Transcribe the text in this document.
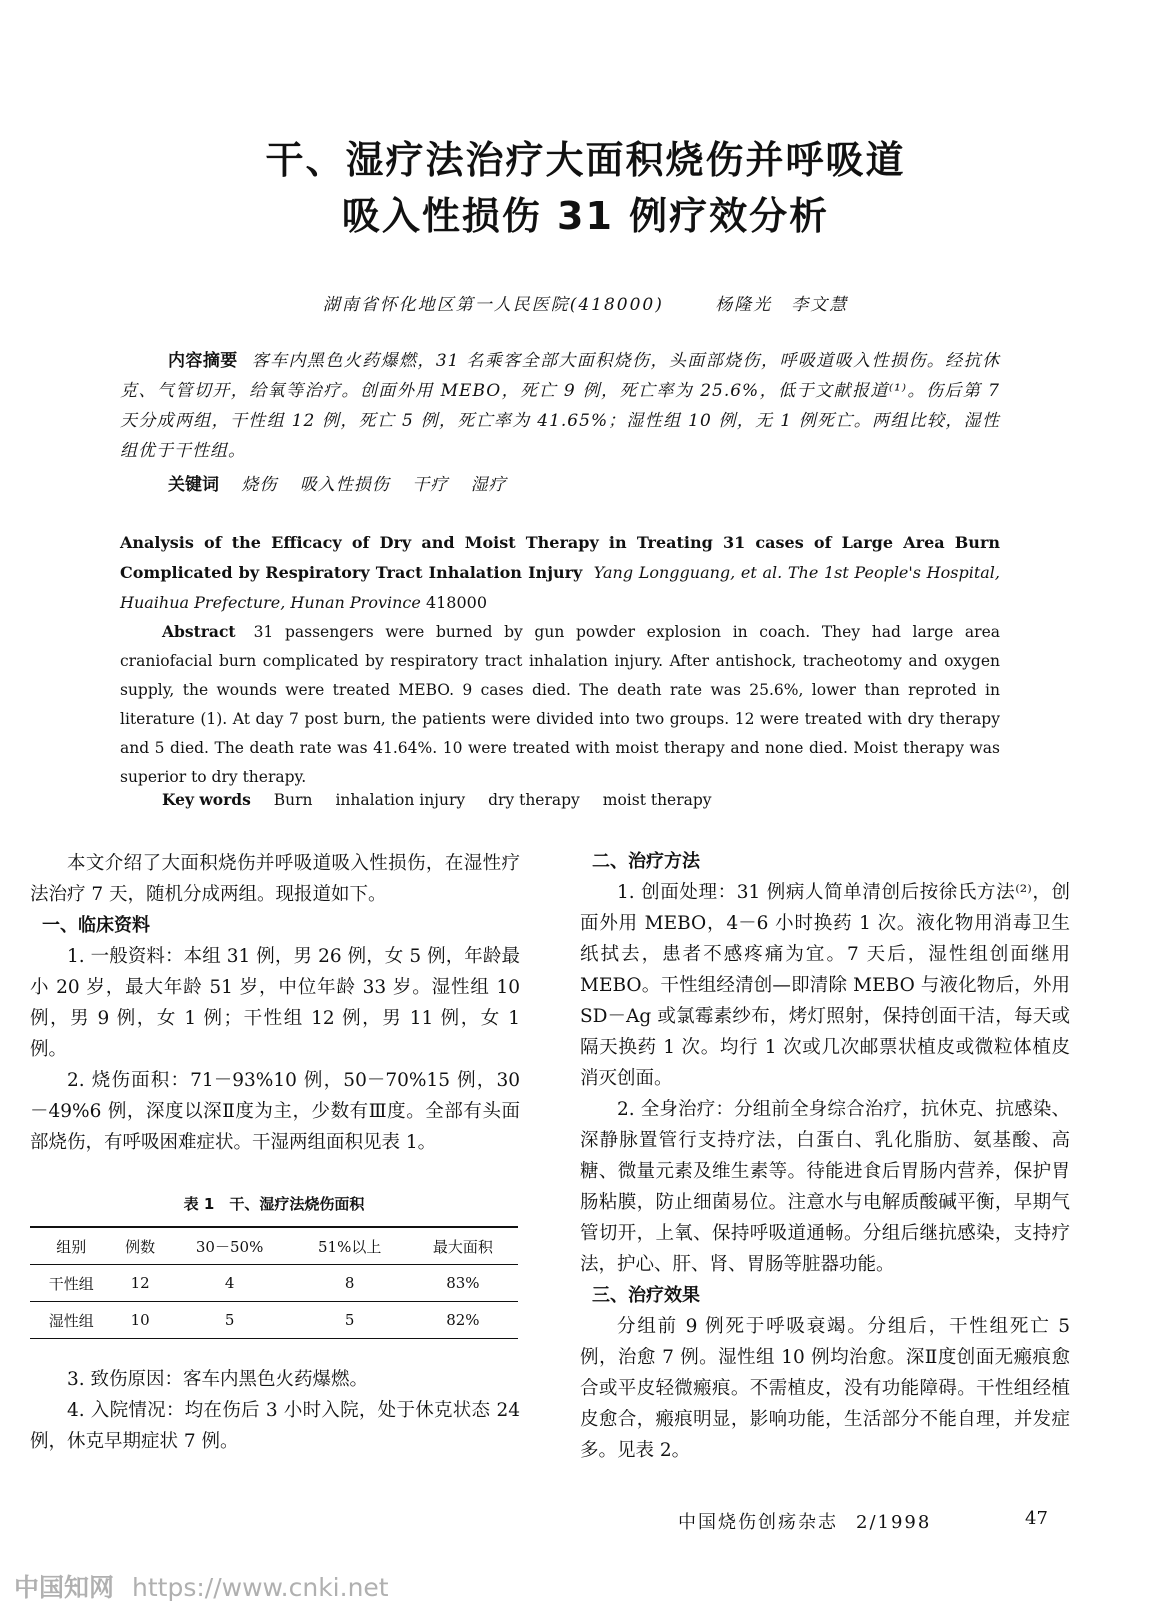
干、湿疗法治疗大面积烧伤并呼吸道
吸入性损伤 31 例疗效分析
湖南省怀化地区第一人民医院(418000)	杨隆光　李文慧
内容摘要 客车内黑色火药爆燃，31 名乘客全部大面积烧伤，头面部烧伤，呼吸道吸入性损伤。经抗休克、气管切开，给氧等治疗。创面外用 MEBO，死亡 9 例，死亡率为 25.6%，低于文献报道⁽¹⁾。伤后第 7 天分成两组，干性组 12 例，死亡 5 例，死亡率为 41.65%；湿性组 10 例，无 1 例死亡。两组比较，湿性组优于干性组。
关键词 烧伤 吸入性损伤 干疗 湿疗
Analysis of the Efficacy of Dry and Moist Therapy in Treating 31 cases of Large Area Burn Complicated by Respiratory Tract Inhalation Injury Yang Longguang, et al. The 1st People's Hospital, Huaihua Prefecture, Hunan Province 418000
Abstract 31 passengers were burned by gun powder explosion in coach. They had large area craniofacial burn complicated by respiratory tract inhalation injury. After antishock, tracheotomy and oxygen supply, the wounds were treated MEBO. 9 cases died. The death rate was 25.6%, lower than reproted in literature (1). At day 7 post burn, the patients were divided into two groups. 12 were treated with dry therapy and 5 died. The death rate was 41.64%. 10 were treated with moist therapy and none died. Moist therapy was superior to dry therapy.
Key words Burn inhalation injury dry therapy moist therapy

本文介绍了大面积烧伤并呼吸道吸入性损伤，在湿性疗法治疗 7 天，随机分成两组。现报道如下。

一、临床资料

1. 一般资料：本组 31 例，男 26 例，女 5 例，年龄最小 20 岁，最大年龄 51 岁，中位年龄 33 岁。湿性组 10 例，男 9 例，女 1 例；干性组 12 例，男 11 例，女 1 例。

2. 烧伤面积：71－93%10 例，50－70%15 例，30－49%6 例，深度以深Ⅱ度为主，少数有Ⅲ度。全部有头面部烧伤，有呼吸困难症状。干湿两组面积见表 1。

表 1　干、湿疗法烧伤面积
组别	例数	30－50%	51%以上	最大面积
干性组	12	4	8	83%
湿性组	10	5	5	82%

3. 致伤原因：客车内黑色火药爆燃。

4. 入院情况：均在伤后 3 小时入院，处于休克状态 24 例，休克早期症状 7 例。

二、治疗方法

1. 创面处理：31 例病人简单清创后按徐氏方法⁽²⁾，创面外用 MEBO，4－6 小时换药 1 次。液化物用消毒卫生纸拭去，患者不感疼痛为宜。7 天后，湿性组创面继用 MEBO。干性组经清创—即清除 MEBO 与液化物后，外用 SD－Ag 或氯霉素纱布，烤灯照射，保持创面干洁，每天或隔天换药 1 次。均行 1 次或几次邮票状植皮或微粒体植皮消灭创面。

2. 全身治疗：分组前全身综合治疗，抗休克、抗感染、深静脉置管行支持疗法，白蛋白、乳化脂肪、氨基酸、高糖、微量元素及维生素等。待能进食后胃肠内营养，保护胃肠粘膜，防止细菌易位。注意水与电解质酸碱平衡，早期气管切开，上氧、保持呼吸道通畅。分组后继抗感染，支持疗法，护心、肝、肾、胃肠等脏器功能。

三、治疗效果

分组前 9 例死于呼吸衰竭。分组后，干性组死亡 5 例，治愈 7 例。湿性组 10 例均治愈。深Ⅱ度创面无瘢痕愈合或平皮轻微瘢痕。不需植皮，没有功能障碍。干性组经植皮愈合，瘢痕明显，影响功能，生活部分不能自理，并发症多。见表 2。

中国烧伤创疡杂志 2/1998	47
中国知网 https://www.cnki.net
